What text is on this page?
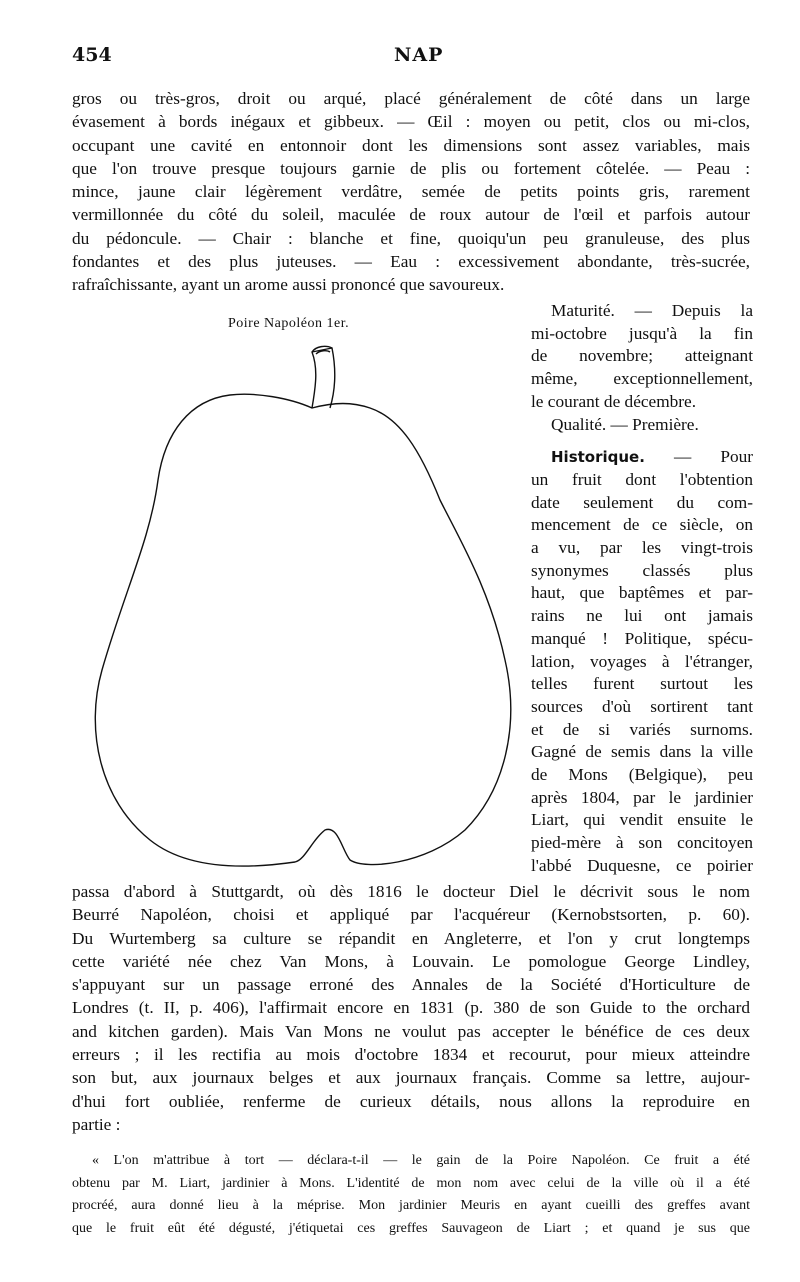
454	NAP
gros ou très-gros, droit ou arqué, placé généralement de côté dans un large
évasement à bords inégaux et gibbeux. — Œil : moyen ou petit, clos ou mi-clos,
occupant une cavité en entonnoir dont les dimensions sont assez variables, mais
que l'on trouve presque toujours garnie de plis ou fortement côtelée. — Peau :
mince, jaune clair légèrement verdâtre, semée de petits points gris, rarement
vermillonnée du côté du soleil, maculée de roux autour de l'œil et parfois autour
du pédoncule. — Chair : blanche et fine, quoiqu'un peu granuleuse, des plus
fondantes et des plus juteuses. — Eau : excessivement abondante, très-sucrée,
rafraîchissante, ayant un arome aussi prononcé que savoureux.
Poire Napoléon 1er.
Maturité. — Depuis la
mi-octobre jusqu'à la fin
de novembre; atteignant
même, exceptionnellement,
le courant de décembre.
Qualité. — Première.
Historique. — Pour
un fruit dont l'obtention
date seulement du com-
mencement de ce siècle, on
a vu, par les vingt-trois
synonymes classés plus
haut, que baptêmes et par-
rains ne lui ont jamais
manqué ! Politique, spécu-
lation, voyages à l'étranger,
telles furent surtout les
sources d'où sortirent tant
et de si variés surnoms.
Gagné de semis dans la ville
de Mons (Belgique), peu
après 1804, par le jardinier
Liart, qui vendit ensuite le
pied-mère à son concitoyen
l'abbé Duquesne, ce poirier
passa d'abord à Stuttgardt, où dès 1816 le docteur Diel le décrivit sous le nom
Beurré Napoléon, choisi et appliqué par l'acquéreur (Kernobstsorten, p. 60).
Du Wurtemberg sa culture se répandit en Angleterre, et l'on y crut longtemps
cette variété née chez Van Mons, à Louvain. Le pomologue George Lindley,
s'appuyant sur un passage erroné des Annales de la Société d'Horticulture de
Londres (t. II, p. 406), l'affirmait encore en 1831 (p. 380 de son Guide to the orchard
and kitchen garden). Mais Van Mons ne voulut pas accepter le bénéfice de ces deux
erreurs ; il les rectifia au mois d'octobre 1834 et recourut, pour mieux atteindre
son but, aux journaux belges et aux journaux français. Comme sa lettre, aujour-
d'hui fort oubliée, renferme de curieux détails, nous allons la reproduire en
partie :
« L'on m'attribue à tort — déclara-t-il — le gain de la Poire Napoléon. Ce fruit a été
obtenu par M. Liart, jardinier à Mons. L'identité de mon nom avec celui de la ville où il a été
procréé, aura donné lieu à la méprise. Mon jardinier Meuris en ayant cueilli des greffes avant
que le fruit eût été dégusté, j'étiquetai ces greffes Sauvageon de Liart ; et quand je sus que
